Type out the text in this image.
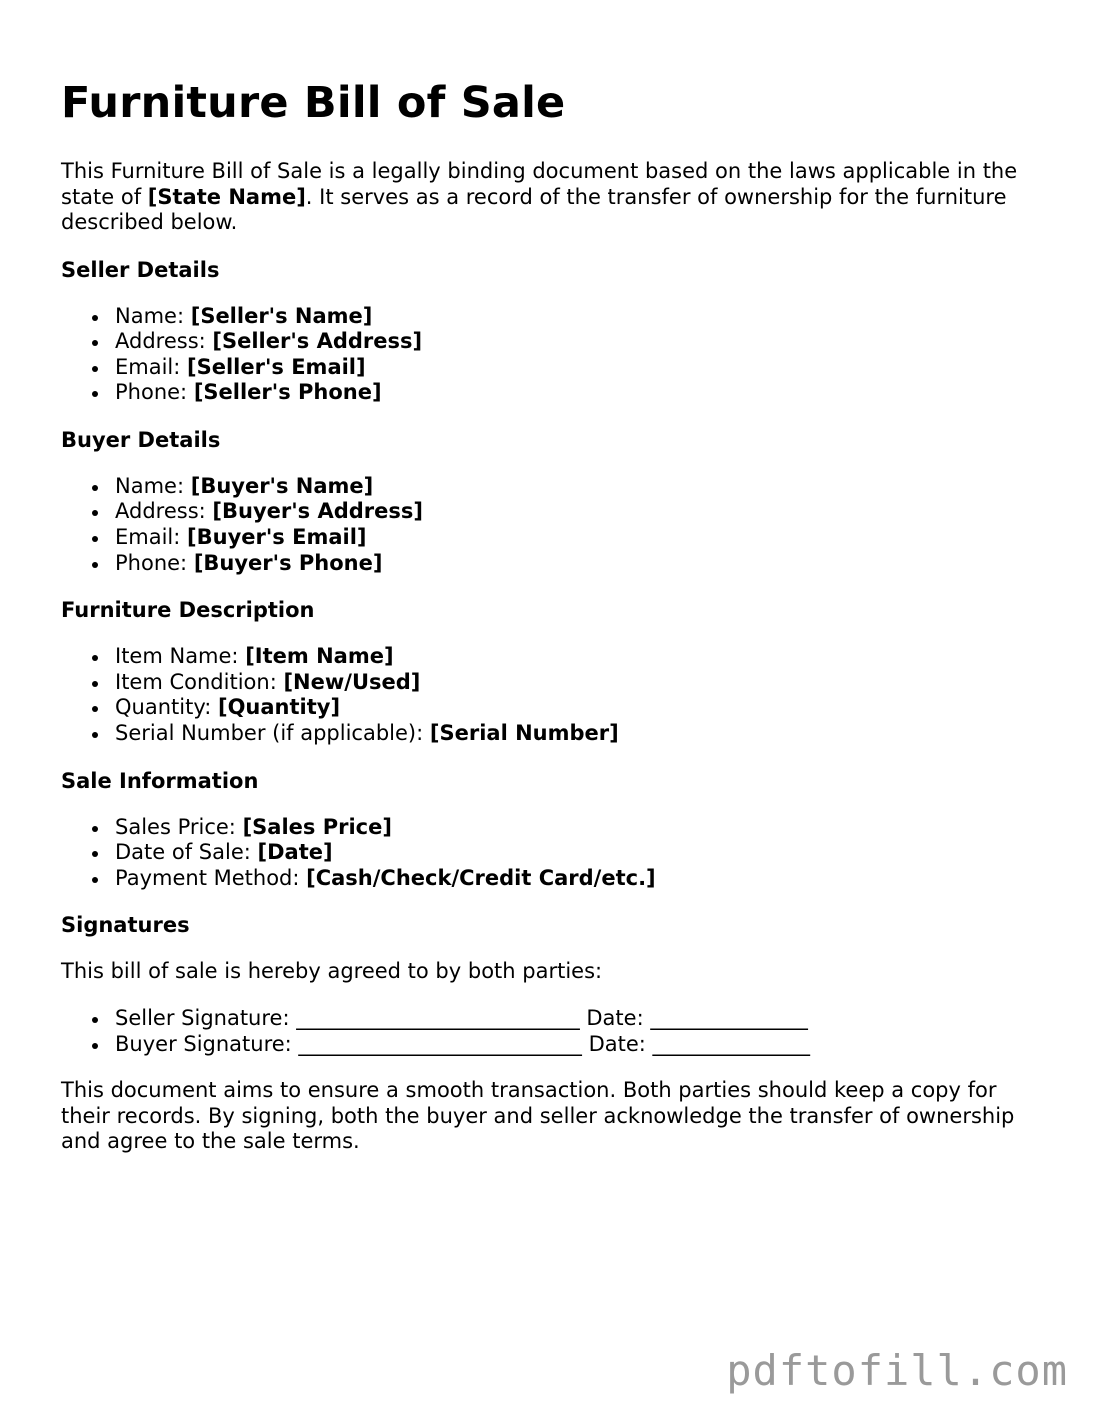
Furniture Bill of Sale

This Furniture Bill of Sale is a legally binding document based on the laws applicable in the state of [State Name]. It serves as a record of the transfer of ownership for the furniture described below.

Seller Details
Name: [Seller's Name]
Address: [Seller's Address]
Email: [Seller's Email]
Phone: [Seller's Phone]
Buyer Details
Name: [Buyer's Name]
Address: [Buyer's Address]
Email: [Buyer's Email]
Phone: [Buyer's Phone]
Furniture Description
Item Name: [Item Name]
Item Condition: [New/Used]
Quantity: [Quantity]
Serial Number (if applicable): [Serial Number]
Sale Information
Sales Price: [Sales Price]
Date of Sale: [Date]
Payment Method: [Cash/Check/Credit Card/etc.]
Signatures

This bill of sale is hereby agreed to by both parties:

Seller Signature: ___________________________ Date: _______________
Buyer Signature: ___________________________ Date: _______________

This document aims to ensure a smooth transaction. Both parties should keep a copy for their records. By signing, both the buyer and seller acknowledge the transfer of ownership and agree to the sale terms.

pdftofill.com
